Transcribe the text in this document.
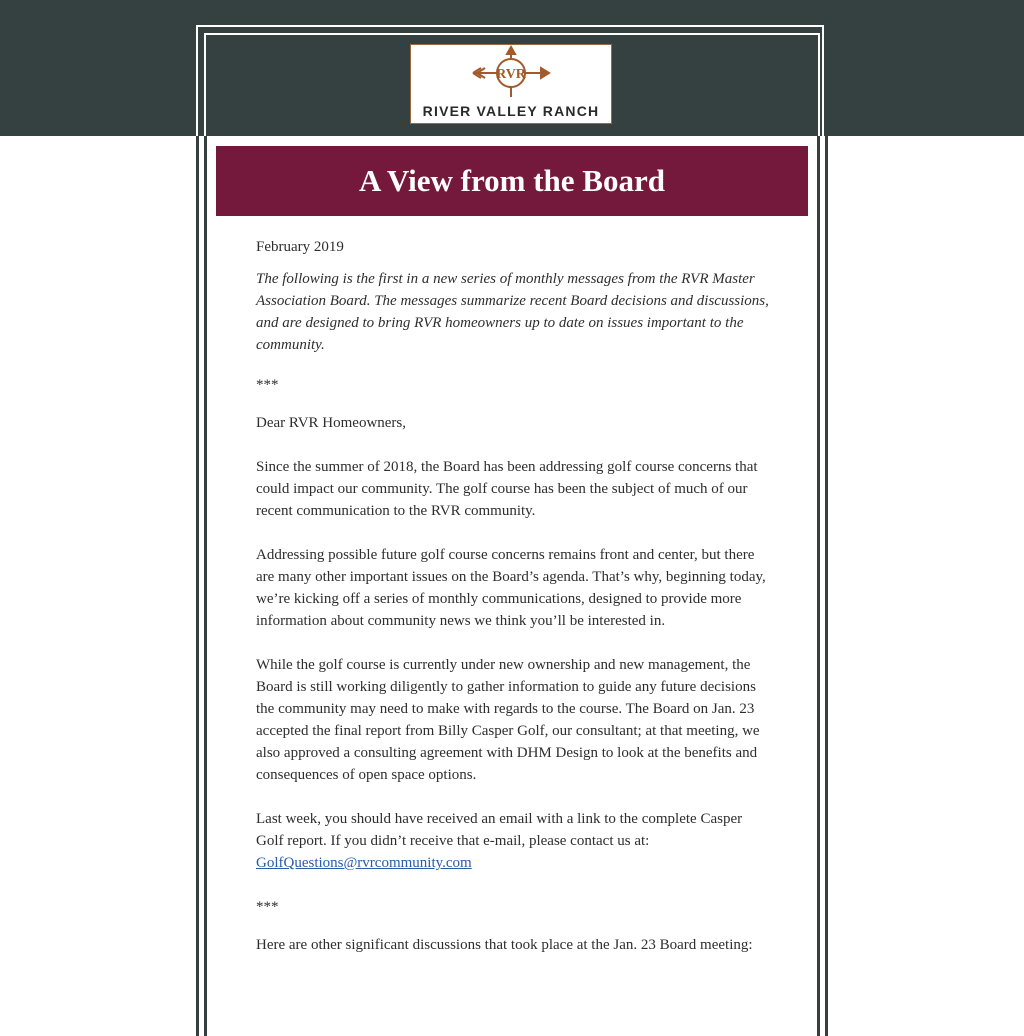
RVR
RIVER VALLEY RANCH
A View from the Board

February 2019

The following is the first in a new series of monthly messages from the RVR Master Association Board. The messages summarize recent Board decisions and discussions, and are designed to bring RVR homeowners up to date on issues important to the community.

***

Dear RVR Homeowners,

Since the summer of 2018, the Board has been addressing golf course concerns that could impact our community. The golf course has been the subject of much of our recent communication to the RVR community.

Addressing possible future golf course concerns remains front and center, but there are many other important issues on the Board’s agenda. That’s why, beginning today, we’re kicking off a series of monthly communications, designed to provide more information about community news we think you’ll be interested in.

While the golf course is currently under new ownership and new management, the Board is still working diligently to gather information to guide any future decisions the community may need to make with regards to the course. The Board on Jan. 23 accepted the final report from Billy Casper Golf, our consultant; at that meeting, we also approved a consulting agreement with DHM Design to look at the benefits and consequences of open space options.

Last week, you should have received an email with a link to the complete Casper Golf report. If you didn’t receive that e-mail, please contact us at: GolfQuestions@rvrcommunity.com

***

Here are other significant discussions that took place at the Jan. 23 Board meeting:
